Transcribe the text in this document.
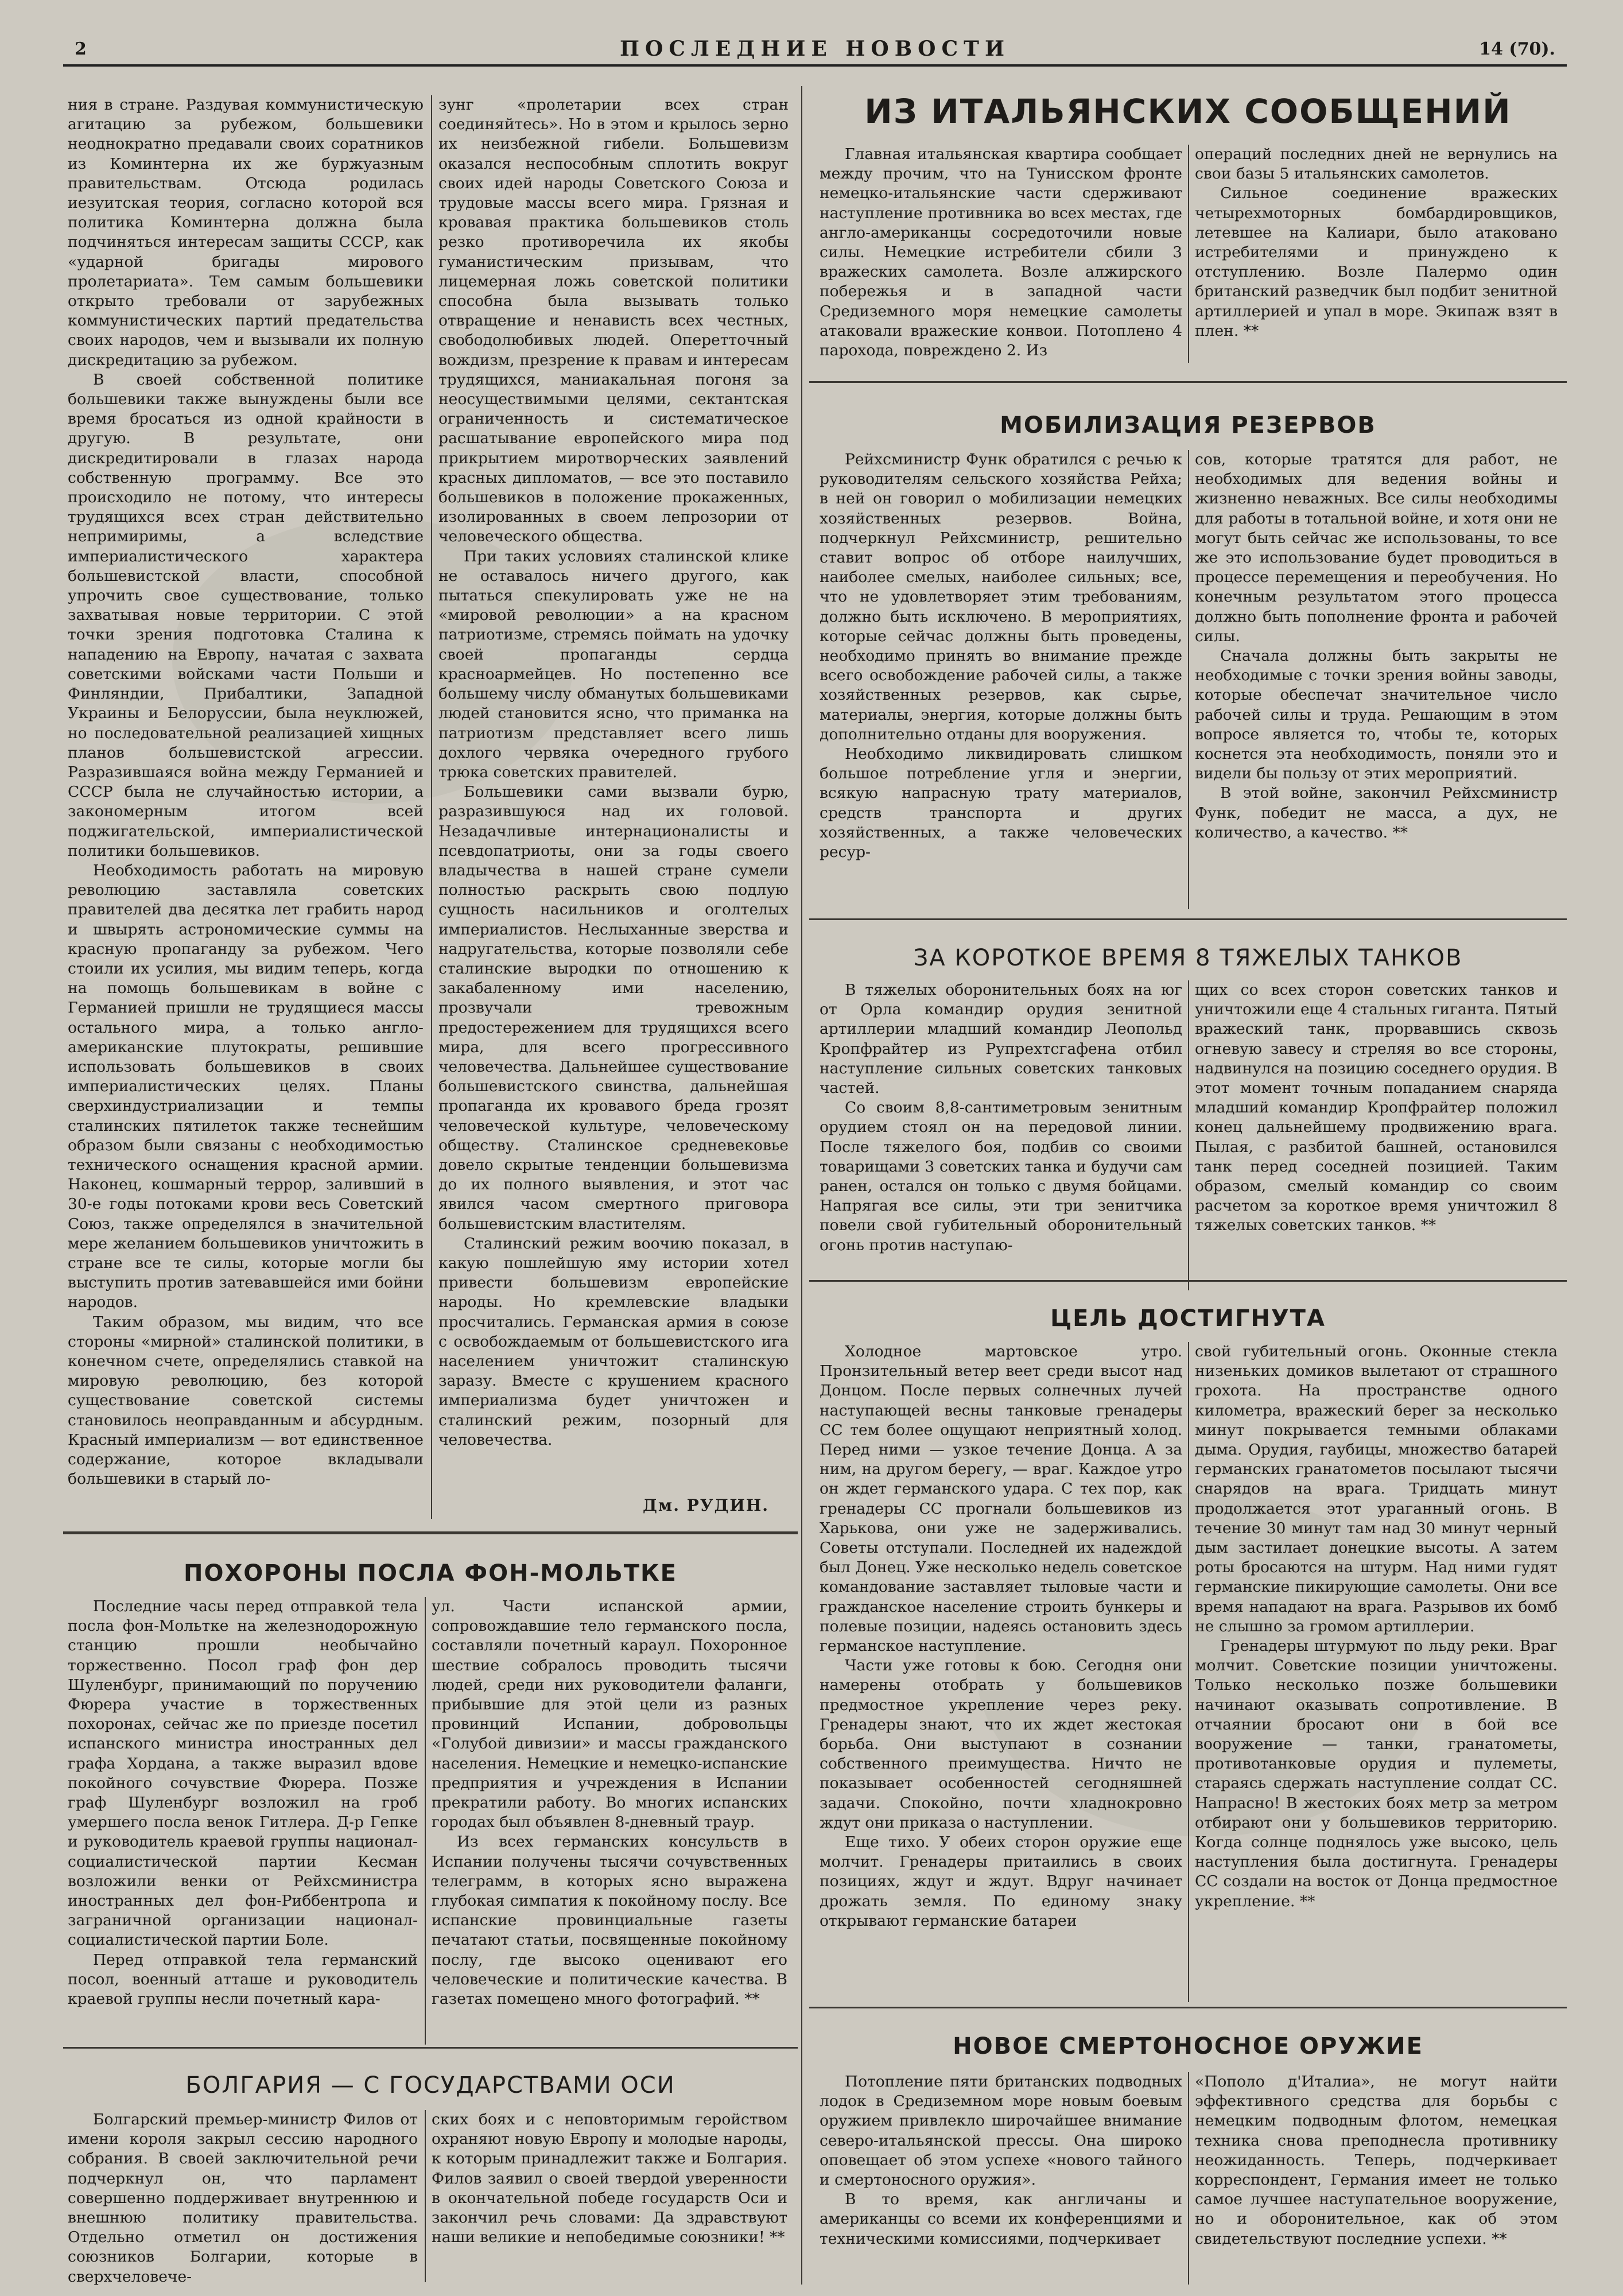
2	ПОСЛЕДНИЕ НОВОСТИ	14 (70).

ния в стране. Раздувая коммунистическую агитацию за рубежом, большевики неоднократно предавали своих соратников из Коминтерна их же буржуазным правительствам. Отсюда родилась иезуитская теория, согласно которой вся политика Коминтерна должна была подчиняться интересам защиты СССР, как «ударной бригады мирового пролетариата». Тем самым большевики открыто требовали от зарубежных коммунистических партий предательства своих народов, чем и вызывали их полную дискредитацию за рубежом.

В своей собственной политике большевики также вынуждены были все время бросаться из одной крайности в другую. В результате, они дискредитировали в глазах народа собственную программу. Все это происходило не потому, что интересы трудящихся всех стран действительно непримиримы, а вследствие империалистического характера большевистской власти, способной упрочить свое существование, только захватывая новые территории. С этой точки зрения подготовка Сталина к нападению на Европу, начатая с захвата советскими войсками части Польши и Финляндии, Прибалтики, Западной Украины и Белоруссии, была неуклюжей, но последовательной реализацией хищных планов большевистской агрессии. Разразившаяся война между Германией и СССР была не случайностью истории, а закономерным итогом всей поджигательской, империалистической политики большевиков.

Необходимость работать на мировую революцию заставляла советских правителей два десятка лет грабить народ и швырять астрономические суммы на красную пропаганду за рубежом. Чего стоили их усилия, мы видим теперь, когда на помощь большевикам в войне с Германией пришли не трудящиеся массы остального мира, а только англо-американские плутократы, решившие использовать большевиков в своих империалистических целях. Планы сверхиндустриализации и темпы сталинских пятилеток также теснейшим образом были связаны с необходимостью технического оснащения красной армии. Наконец, кошмарный террор, заливший в 30-е годы потоками крови весь Советский Союз, также определялся в значительной мере желанием большевиков уничтожить в стране все те силы, которые могли бы выступить против затевавшейся ими бойни народов.

Таким образом, мы видим, что все стороны «мирной» сталинской политики, в конечном счете, определялись ставкой на мировую революцию, без которой существование советской системы становилось неоправданным и абсурдным. Красный империализм — вот единственное содержание, которое вкладывали большевики в старый ло-

зунг «пролетарии всех стран соединяйтесь». Но в этом и крылось зерно их неизбежной гибели. Большевизм оказался неспособным сплотить вокруг своих идей народы Советского Союза и трудовые массы всего мира. Грязная и кровавая практика большевиков столь резко противоречила их якобы гуманистическим призывам, что лицемерная ложь советской политики способна была вызывать только отвращение и ненависть всех честных, свободолюбивых людей. Оперетточный вождизм, презрение к правам и интересам трудящихся, маниакальная погоня за неосуществимыми целями, сектантская ограниченность и систематическое расшатывание европейского мира под прикрытием миротворческих заявлений красных дипломатов, — все это поставило большевиков в положение прокаженных, изолированных в своем лепрозории от человеческого общества.

При таких условиях сталинской клике не оставалось ничего другого, как пытаться спекулировать уже не на «мировой революции» а на красном патриотизме, стремясь поймать на удочку своей пропаганды сердца красноармейцев. Но постепенно все большему числу обманутых большевиками людей становится ясно, что приманка на патриотизм представляет всего лишь дохлого червяка очередного грубого трюка советских правителей.

Большевики сами вызвали бурю, разразившуюся над их головой. Незадачливые интернационалисты и псевдопатриоты, они за годы своего владычества в нашей стране сумели полностью раскрыть свою подлую сущность насильников и оголтелых империалистов. Неслыханные зверства и надругательства, которые позволяли себе сталинские выродки по отношению к закабаленному ими населению, прозвучали тревожным предостережением для трудящихся всего мира, для всего прогрессивного человечества. Дальнейшее существование большевистского свинства, дальнейшая пропаганда их кровавого бреда грозят человеческой культуре, человеческому обществу. Сталинское средневековье довело скрытые тенденции большевизма до их полного выявления, и этот час явился часом смертного приговора большевистским властителям.

Сталинский режим воочию показал, в какую пошлейшую яму истории хотел привести большевизм европейские народы. Но кремлевские владыки просчитались. Германская армия в союзе с освобождаемым от большевистского ига населением уничтожит сталинскую заразу. Вместе с крушением красного империализма будет уничтожен и сталинский режим, позорный для человечества.

Дм. РУДИН.
ИЗ ИТАЛЬЯНСКИХ СООБЩЕНИЙ

Главная итальянская квартира сообщает между прочим, что на Тунисском фронте немецко-итальянские части сдерживают наступление противника во всех местах, где англо-американцы сосредоточили новые силы. Немецкие истребители сбили 3 вражеских самолета. Возле алжирского побережья и в западной части Средиземного моря немецкие самолеты атаковали вражеские конвои. Потоплено 4 парохода, повреждено 2. Из

операций последних дней не вернулись на свои базы 5 итальянских самолетов.

Сильное соединение вражеских четырехмоторных бомбардировщиков, летевшее на Калиари, было атаковано истребителями и принуждено к отступлению. Возле Палермо один британский разведчик был подбит зенитной артиллерией и упал в море. Экипаж взят в плен. **

МОБИЛИЗАЦИЯ РЕЗЕРВОВ

Рейхсминистр Функ обратился с речью к руководителям сельского хозяйства Рейха; в ней он говорил о мобилизации немецких хозяйственных резервов. Война, подчеркнул Рейхсминистр, решительно ставит вопрос об отборе наилучших, наиболее смелых, наиболее сильных; все, что не удовлетворяет этим требованиям, должно быть исключено. В мероприятиях, которые сейчас должны быть проведены, необходимо принять во внимание прежде всего освобождение рабочей силы, а также хозяйственных резервов, как сырье, материалы, энергия, которые должны быть дополнительно отданы для вооружения.

Необходимо ликвидировать слишком большое потребление угля и энергии, всякую напрасную трату материалов, средств транспорта и других хозяйственных, а также человеческих ресур-

сов, которые тратятся для работ, не необходимых для ведения войны и жизненно неважных. Все силы необходимы для работы в тотальной войне, и хотя они не могут быть сейчас же использованы, то все же это использование будет проводиться в процессе перемещения и переобучения. Но конечным результатом этого процесса должно быть пополнение фронта и рабочей силы.

Сначала должны быть закрыты не необходимые с точки зрения войны заводы, которые обеспечат значительное число рабочей силы и труда. Решающим в этом вопросе является то, чтобы те, которых коснется эта необходимость, поняли это и видели бы пользу от этих мероприятий.

В этой войне, закончил Рейхсминистр Функ, победит не масса, а дух, не количество, а качество. **

ЗА КОРОТКОЕ ВРЕМЯ 8 ТЯЖЕЛЫХ ТАНКОВ

В тяжелых оборонительных боях на юг от Орла командир орудия зенитной артиллерии младший командир Леопольд Кропфрайтер из Рупрехтсгафена отбил наступление сильных советских танковых частей.

Со своим 8,8-сантиметровым зенитным орудием стоял он на передовой линии. После тяжелого боя, подбив со своими товарищами 3 советских танка и будучи сам ранен, остался он только с двумя бойцами. Напрягая все силы, эти три зенитчика повели свой губительный оборонительный огонь против наступаю-

щих со всех сторон советских танков и уничтожили еще 4 стальных гиганта. Пятый вражеский танк, прорвавшись сквозь огневую завесу и стреляя во все стороны, надвинулся на позицию соседнего орудия. В этот момент точным попаданием снаряда младший командир Кропфрайтер положил конец дальнейшему продвижению врага. Пылая, с разбитой башней, остановился танк перед соседней позицией. Таким образом, смелый командир со своим расчетом за короткое время уничтожил 8 тяжелых советских танков. **

ЦЕЛЬ ДОСТИГНУТА

Холодное мартовское утро. Пронзительный ветер веет среди высот над Донцом. После первых солнечных лучей наступающей весны танковые гренадеры СС тем более ощущают неприятный холод. Перед ними — узкое течение Донца. А за ним, на другом берегу, — враг. Каждое утро он ждет германского удара. С тех пор, как гренадеры СС прогнали большевиков из Харькова, они уже не задерживались. Советы отступали. Последней их надеждой был Донец. Уже несколько недель советское командование заставляет тыловые части и гражданское население строить бункеры и полевые позиции, надеясь остановить здесь германское наступление.

Части уже готовы к бою. Сегодня они намерены отобрать у большевиков предмостное укрепление через реку. Гренадеры знают, что их ждет жестокая борьба. Они выступают в сознании собственного преимущества. Ничто не показывает особенностей сегодняшней задачи. Спокойно, почти хладнокровно ждут они приказа о наступлении.

Еще тихо. У обеих сторон оружие еще молчит. Гренадеры притаились в своих позициях, ждут и ждут. Вдруг начинает дрожать земля. По единому знаку открывают германские батареи

свой губительный огонь. Оконные стекла низеньких домиков вылетают от страшного грохота. На пространстве одного километра, вражеский берег за несколько минут покрывается темными облаками дыма. Орудия, гаубицы, множество батарей германских гранатометов посылают тысячи снарядов на врага. Тридцать минут продолжается этот ураганный огонь. В течение 30 минут там над 30 минут черный дым застилает донецкие высоты. А затем роты бросаются на штурм. Над ними гудят германские пикирующие самолеты. Они все время нападают на врага. Разрывов их бомб не слышно за громом артиллерии.

Гренадеры штурмуют по льду реки. Враг молчит. Советские позиции уничтожены. Только несколько позже большевики начинают оказывать сопротивление. В отчаянии бросают они в бой все вооружение — танки, гранатометы, противотанковые орудия и пулеметы, стараясь сдержать наступление солдат СС. Напрасно! В жестоких боях метр за метром отбирают они у большевиков территорию. Когда солнце поднялось уже высоко, цель наступления была достигнута. Гренадеры СС создали на восток от Донца предмостное укрепление. **

НОВОЕ СМЕРТОНОСНОЕ ОРУЖИЕ

Потопление пяти британских подводных лодок в Средиземном море новым боевым оружием привлекло широчайшее внимание северо-итальянской прессы. Она широко оповещает об этом успехе «нового тайного и смертоносного оружия».

В то время, как англичаны и американцы со всеми их конференциями и техническими комиссиями, подчеркивает

«Пополо д'Италиа», не могут найти эффективного средства для борьбы с немецким подводным флотом, немецкая техника снова преподнесла противнику неожиданность. Теперь, подчеркивает корреспондент, Германия имеет не только самое лучшее наступательное вооружение, но и оборонительное, как об этом свидетельствуют последние успехи. **

ПОХОРОНЫ ПОСЛА ФОН-МОЛЬТКЕ

Последние часы перед отправкой тела посла фон-Мольтке на железнодорожную станцию прошли необычайно торжественно. Посол граф фон дер Шуленбург, принимающий по поручению Фюрера участие в торжественных похоронах, сейчас же по приезде посетил испанского министра иностранных дел графа Хордана, а также выразил вдове покойного сочувствие Фюрера. Позже граф Шуленбург возложил на гроб умершего посла венок Гитлера. Д-р Гепке и руководитель краевой группы национал-социалистической партии Кесман возложили венки от Рейхсминистра иностранных дел фон-Риббентропа и заграничной организации национал-социалистической партии Боле.

Перед отправкой тела германский посол, военный атташе и руководитель краевой группы несли почетный кара-

ул. Части испанской армии, сопровождавшие тело германского посла, составляли почетный караул. Похоронное шествие собралось проводить тысячи людей, среди них руководители фаланги, прибывшие для этой цели из разных провинций Испании, добровольцы «Голубой дивизии» и массы гражданского населения. Немецкие и немецко-испанские предприятия и учреждения в Испании прекратили работу. Во многих испанских городах был объявлен 8-дневный траур.

Из всех германских консульств в Испании получены тысячи сочувственных телеграмм, в которых ясно выражена глубокая симпатия к покойному послу. Все испанские провинциальные газеты печатают статьи, посвященные покойному послу, где высоко оценивают его человеческие и политические качества. В газетах помещено много фотографий. **

БОЛГАРИЯ — С ГОСУДАРСТВАМИ ОСИ

Болгарский премьер-министр Филов от имени короля закрыл сессию народного собрания. В своей заключительной речи подчеркнул он, что парламент совершенно поддерживает внутреннюю и внешнюю политику правительства. Отдельно отметил он достижения союзников Болгарии, которые в сверхчеловече-

ских боях и с неповторимым геройством охраняют новую Европу и молодые народы, к которым принадлежит также и Болгария. Филов заявил о своей твердой уверенности в окончательной победе государств Оси и закончил речь словами: Да здравствуют наши великие и непобедимые союзники! **
